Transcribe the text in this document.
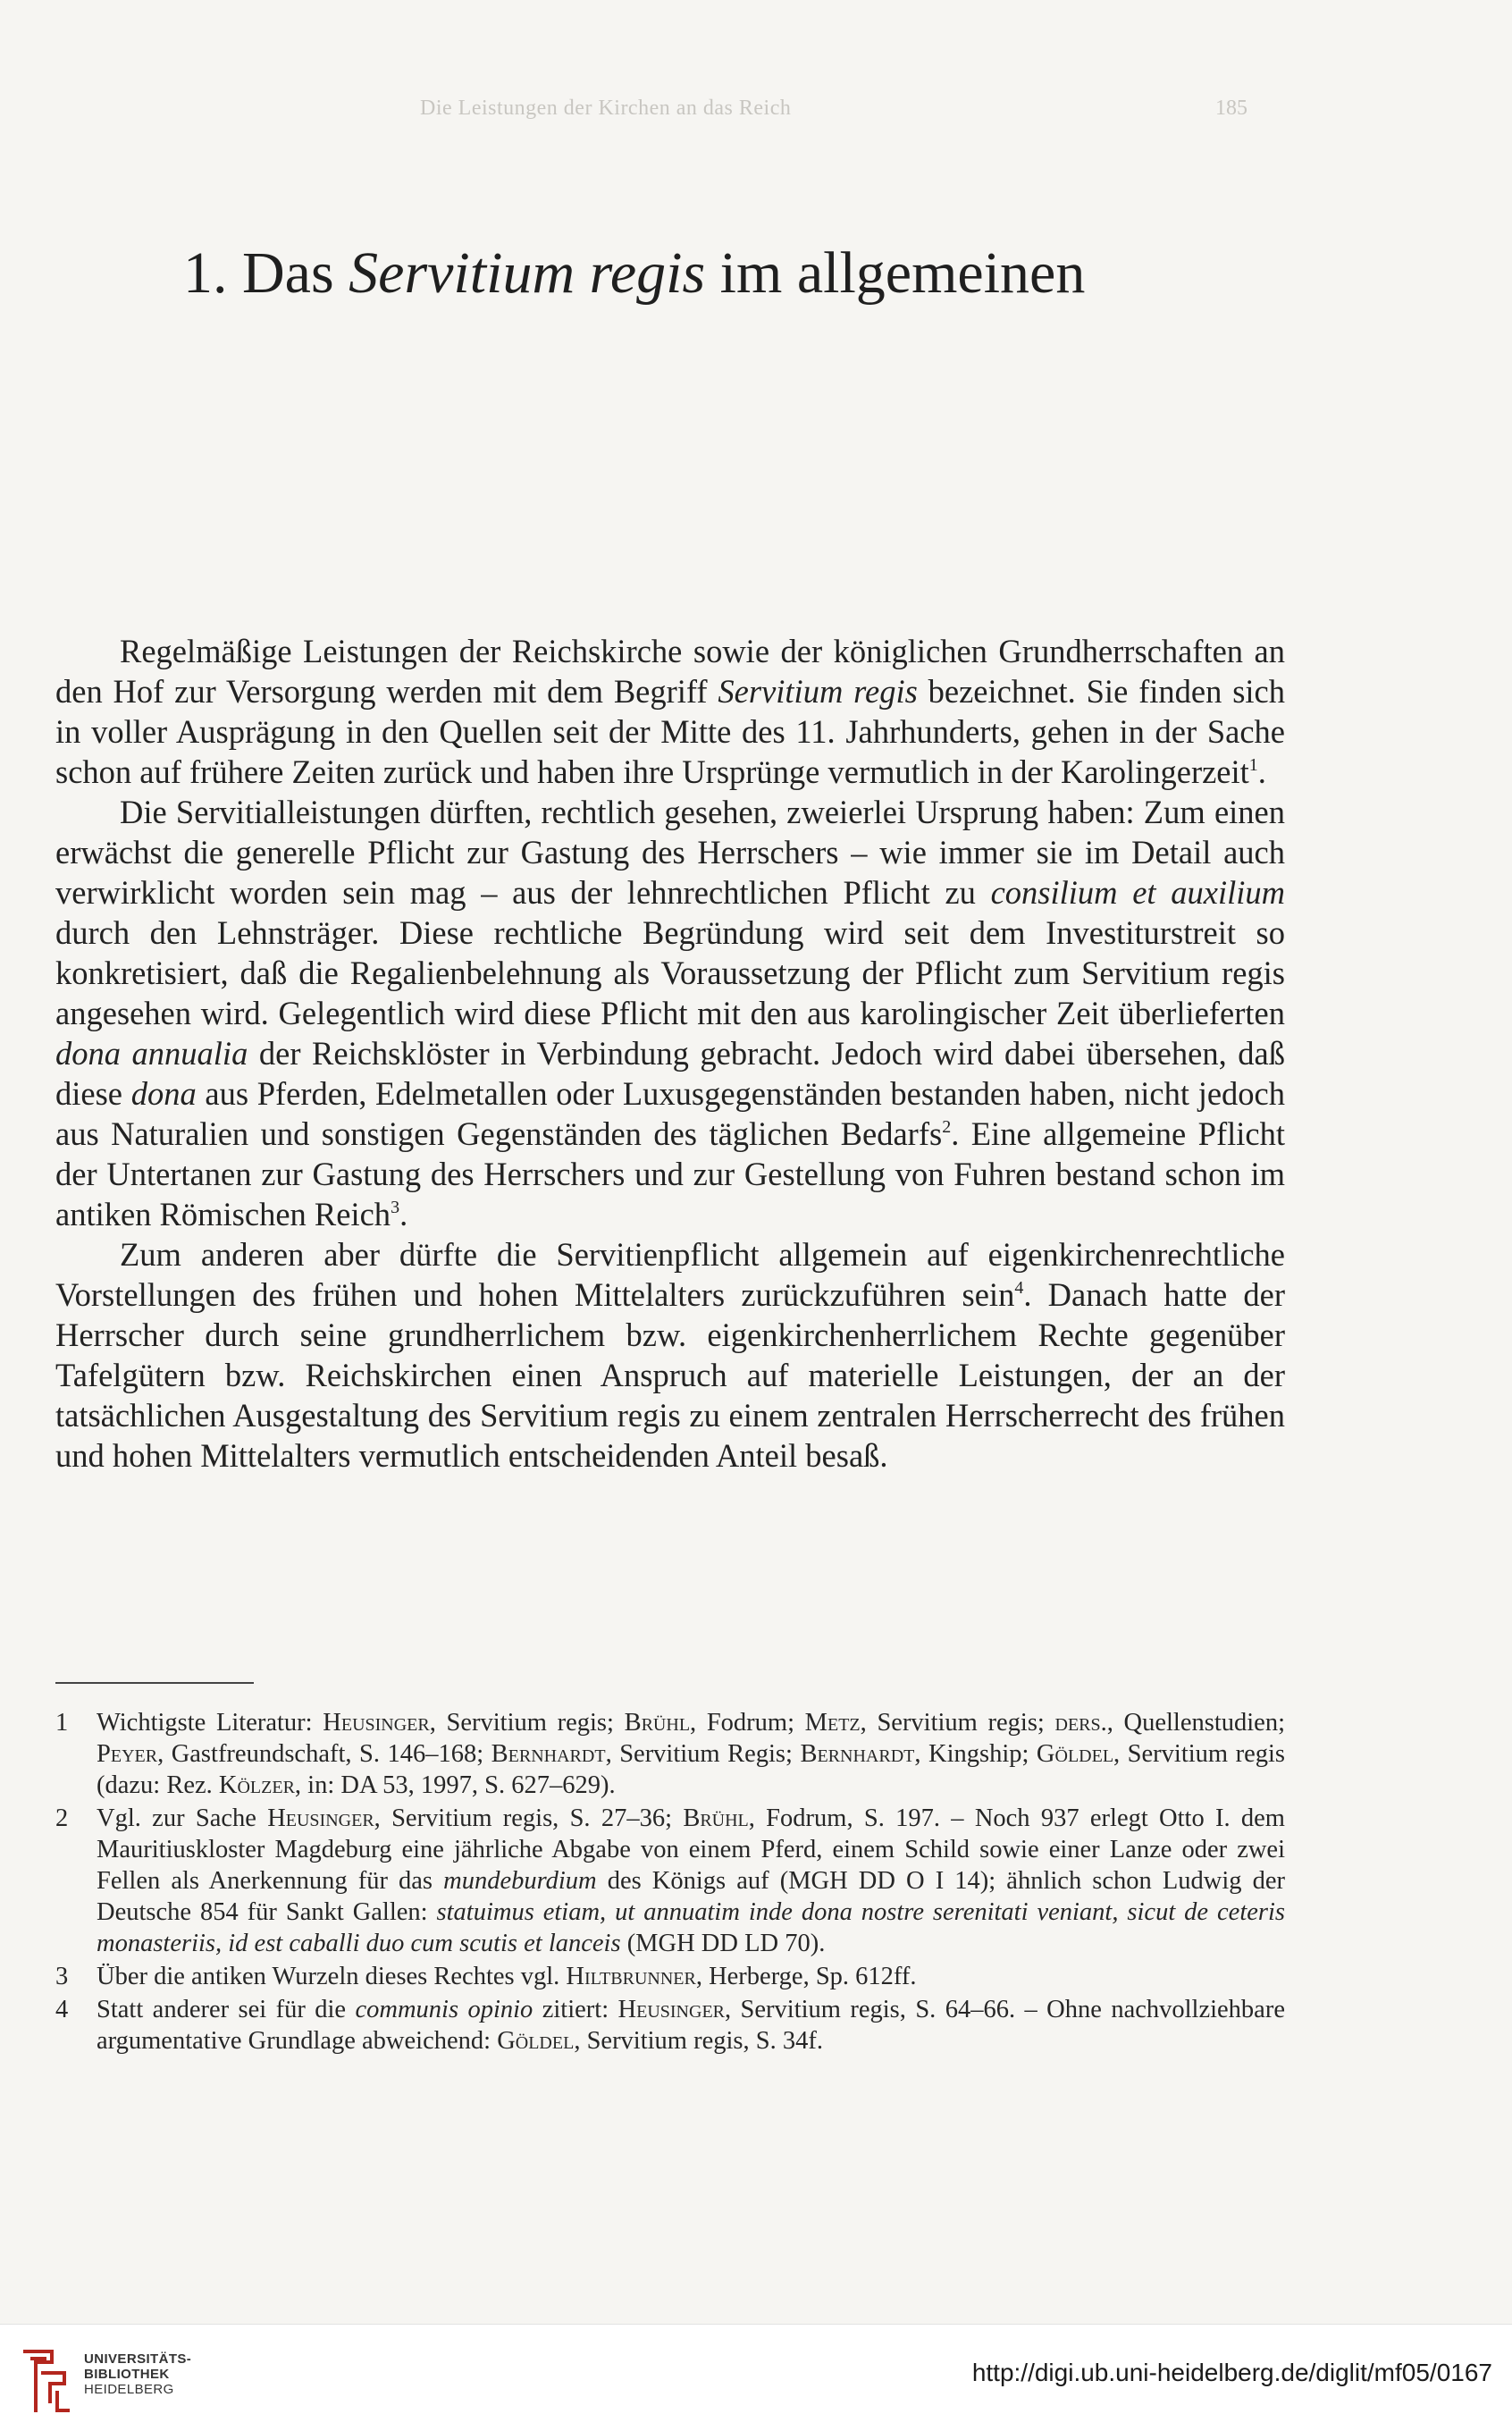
Die Leistungen der Kirchen an das Reich	185
1. Das Servitium regis im allgemeinen

Regelmäßige Leistungen der Reichskirche sowie der königlichen Grundherrschaften an den Hof zur Versorgung werden mit dem Begriff Servitium regis bezeichnet. Sie finden sich in voller Ausprägung in den Quellen seit der Mitte des 11. Jahrhunderts, gehen in der Sache schon auf frühere Zeiten zurück und haben ihre Ursprünge vermutlich in der Karolingerzeit$^1$.

Die Servitialleistungen dürften, rechtlich gesehen, zweierlei Ursprung haben: Zum einen erwächst die generelle Pflicht zur Gastung des Herrschers – wie immer sie im Detail auch verwirklicht worden sein mag – aus der lehnrechtlichen Pflicht zu consilium et auxilium durch den Lehnsträger. Diese rechtliche Begründung wird seit dem Investiturstreit so konkretisiert, daß die Regalienbelehnung als Voraussetzung der Pflicht zum Servitium regis angesehen wird. Gelegentlich wird diese Pflicht mit den aus karolingischer Zeit überlieferten dona annualia der Reichsklöster in Verbindung gebracht. Jedoch wird dabei übersehen, daß diese dona aus Pferden, Edelmetallen oder Luxusgegenständen bestanden haben, nicht jedoch aus Naturalien und sonstigen Gegenständen des täglichen Bedarfs$^2$. Eine allgemeine Pflicht der Untertanen zur Gastung des Herrschers und zur Gestellung von Fuhren bestand schon im antiken Römischen Reich$^3$.

Zum anderen aber dürfte die Servitienpflicht allgemein auf eigenkirchenrechtliche Vorstellungen des frühen und hohen Mittelalters zurückzuführen sein$^4$. Danach hatte der Herrscher durch seine grundherrlichem bzw. eigenkirchenherrlichem Rechte gegenüber Tafelgütern bzw. Reichskirchen einen Anspruch auf materielle Leistungen, der an der tatsächlichen Ausgestaltung des Servitium regis zu einem zentralen Herrscherrecht des frühen und hohen Mittelalters vermutlich entscheidenden Anteil besaß.

1 Wichtigste Literatur: Heusinger, Servitium regis; Brühl, Fodrum; Metz, Servitium regis; ders., Quellenstudien; Peyer, Gastfreundschaft, S. 146–168; Bernhardt, Servitium Regis; Bernhardt, Kingship; Göldel, Servitium regis (dazu: Rez. Kölzer, in: DA 53, 1997, S. 627–629).
2 Vgl. zur Sache Heusinger, Servitium regis, S. 27–36; Brühl, Fodrum, S. 197. – Noch 937 erlegt Otto I. dem Mauritiuskloster Magdeburg eine jährliche Abgabe von einem Pferd, einem Schild sowie einer Lanze oder zwei Fellen als Anerkennung für das mundeburdium des Königs auf (MGH DD O I 14); ähnlich schon Ludwig der Deutsche 854 für Sankt Gallen: statuimus etiam, ut annuatim inde dona nostre serenitati veniant, sicut de ceteris monasteriis, id est caballi duo cum scutis et lanceis (MGH DD LD 70).
3 Über die antiken Wurzeln dieses Rechtes vgl. Hiltbrunner, Herberge, Sp. 612ff.
4 Statt anderer sei für die communis opinio zitiert: Heusinger, Servitium regis, S. 64–66. – Ohne nachvollziehbare argumentative Grundlage abweichend: Göldel, Servitium regis, S. 34f.
UNIVERSITÄTS-
BIBLIOTHEK
HEIDELBERG
http://digi.ub.uni-heidelberg.de/diglit/mf05/0167
